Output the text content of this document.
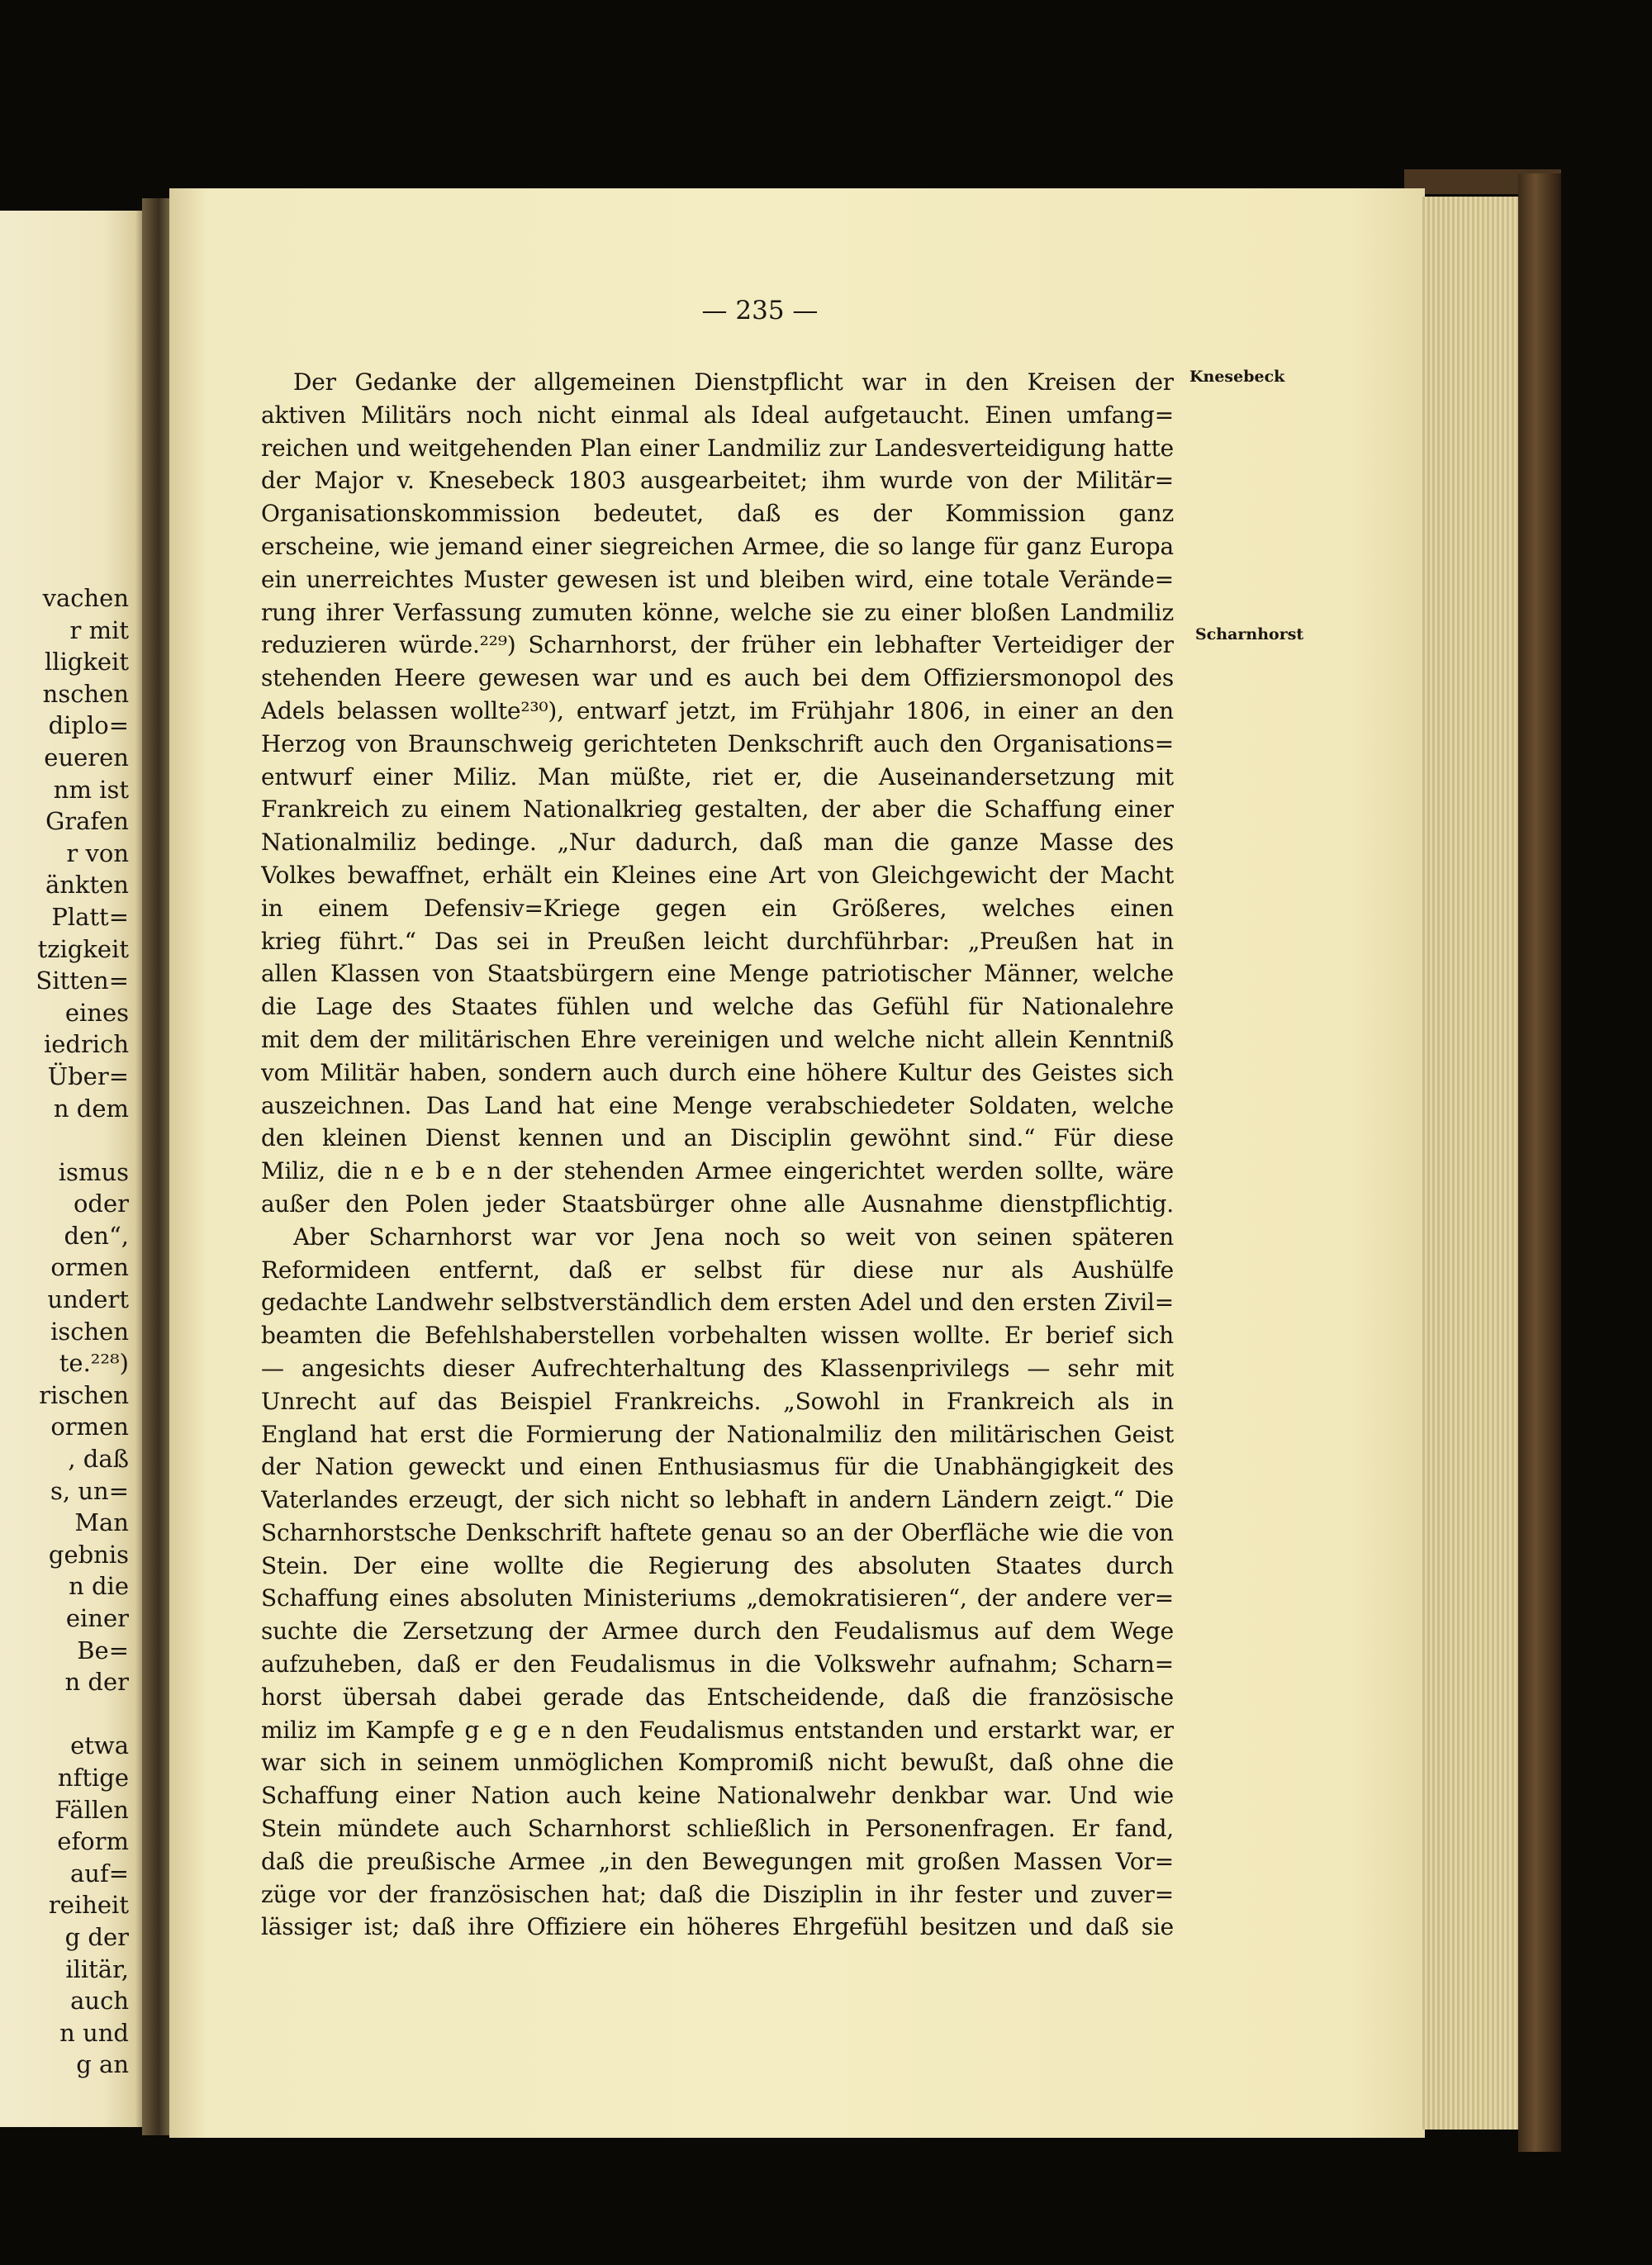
vachen
r mit
lligkeit
nschen
diplo=
eueren
nm ist
Grafen
r von
änkten
Platt=
tzigkeit
Sitten=
eines
iedrich
Über=
n dem
ismus
oder
den“,
ormen
undert
ischen
te.²²⁸)
rischen
ormen
, daß
s, un=
Man
gebnis
n die
einer
Be=
n der
etwa
nftige
Fällen
eform
auf=
reiheit
g der
ilitär,
auch
n und
g an
— 235 —
Der Gedanke der allgemeinen Dienstpflicht war in den Kreisen der
aktiven Militärs noch nicht einmal als Ideal aufgetaucht. Einen umfang=
reichen und weitgehenden Plan einer Landmiliz zur Landesverteidigung hatte
der Major v. Knesebeck 1803 ausgearbeitet; ihm wurde von der Militär=
Organisationskommission bedeutet, daß es der Kommission ganz
erscheine, wie jemand einer siegreichen Armee, die so lange für ganz Europa
ein unerreichtes Muster gewesen ist und bleiben wird, eine totale Verände=
rung ihrer Verfassung zumuten könne, welche sie zu einer bloßen Landmiliz
reduzieren würde.²²⁹) Scharnhorst, der früher ein lebhafter Verteidiger der
stehenden Heere gewesen war und es auch bei dem Offiziersmonopol des
Adels belassen wollte²³⁰), entwarf jetzt, im Frühjahr 1806, in einer an den
Herzog von Braunschweig gerichteten Denkschrift auch den Organisations=
entwurf einer Miliz. Man müßte, riet er, die Auseinandersetzung mit
Frankreich zu einem Nationalkrieg gestalten, der aber die Schaffung einer
Nationalmiliz bedinge. „Nur dadurch, daß man die ganze Masse des
Volkes bewaffnet, erhält ein Kleines eine Art von Gleichgewicht der Macht
in einem Defensiv=Kriege gegen ein Größeres, welches einen
krieg führt.“ Das sei in Preußen leicht durchführbar: „Preußen hat in
allen Klassen von Staatsbürgern eine Menge patriotischer Männer, welche
die Lage des Staates fühlen und welche das Gefühl für Nationalehre
mit dem der militärischen Ehre vereinigen und welche nicht allein Kenntniß
vom Militär haben, sondern auch durch eine höhere Kultur des Geistes sich
auszeichnen. Das Land hat eine Menge verabschiedeter Soldaten, welche
den kleinen Dienst kennen und an Disciplin gewöhnt sind.“ Für diese
Miliz, die n e b e n der stehenden Armee eingerichtet werden sollte, wäre
außer den Polen jeder Staatsbürger ohne alle Ausnahme dienstpflichtig.
Aber Scharnhorst war vor Jena noch so weit von seinen späteren
Reformideen entfernt, daß er selbst für diese nur als Aushülfe
gedachte Landwehr selbstverständlich dem ersten Adel und den ersten Zivil=
beamten die Befehlshaberstellen vorbehalten wissen wollte. Er berief sich
— angesichts dieser Aufrechterhaltung des Klassenprivilegs — sehr mit
Unrecht auf das Beispiel Frankreichs. „Sowohl in Frankreich als in
England hat erst die Formierung der Nationalmiliz den militärischen Geist
der Nation geweckt und einen Enthusiasmus für die Unabhängigkeit des
Vaterlandes erzeugt, der sich nicht so lebhaft in andern Ländern zeigt.“ Die
Scharnhorstsche Denkschrift haftete genau so an der Oberfläche wie die von
Stein. Der eine wollte die Regierung des absoluten Staates durch
Schaffung eines absoluten Ministeriums „demokratisieren“, der andere ver=
suchte die Zersetzung der Armee durch den Feudalismus auf dem Wege
aufzuheben, daß er den Feudalismus in die Volkswehr aufnahm; Scharn=
horst übersah dabei gerade das Entscheidende, daß die französische
miliz im Kampfe g e g e n den Feudalismus entstanden und erstarkt war, er
war sich in seinem unmöglichen Kompromiß nicht bewußt, daß ohne die
Schaffung einer Nation auch keine Nationalwehr denkbar war. Und wie
Stein mündete auch Scharnhorst schließlich in Personenfragen. Er fand,
daß die preußische Armee „in den Bewegungen mit großen Massen Vor=
züge vor der französischen hat; daß die Disziplin in ihr fester und zuver=
lässiger ist; daß ihre Offiziere ein höheres Ehrgefühl besitzen und daß sie
Knesebeck
Scharnhorst
